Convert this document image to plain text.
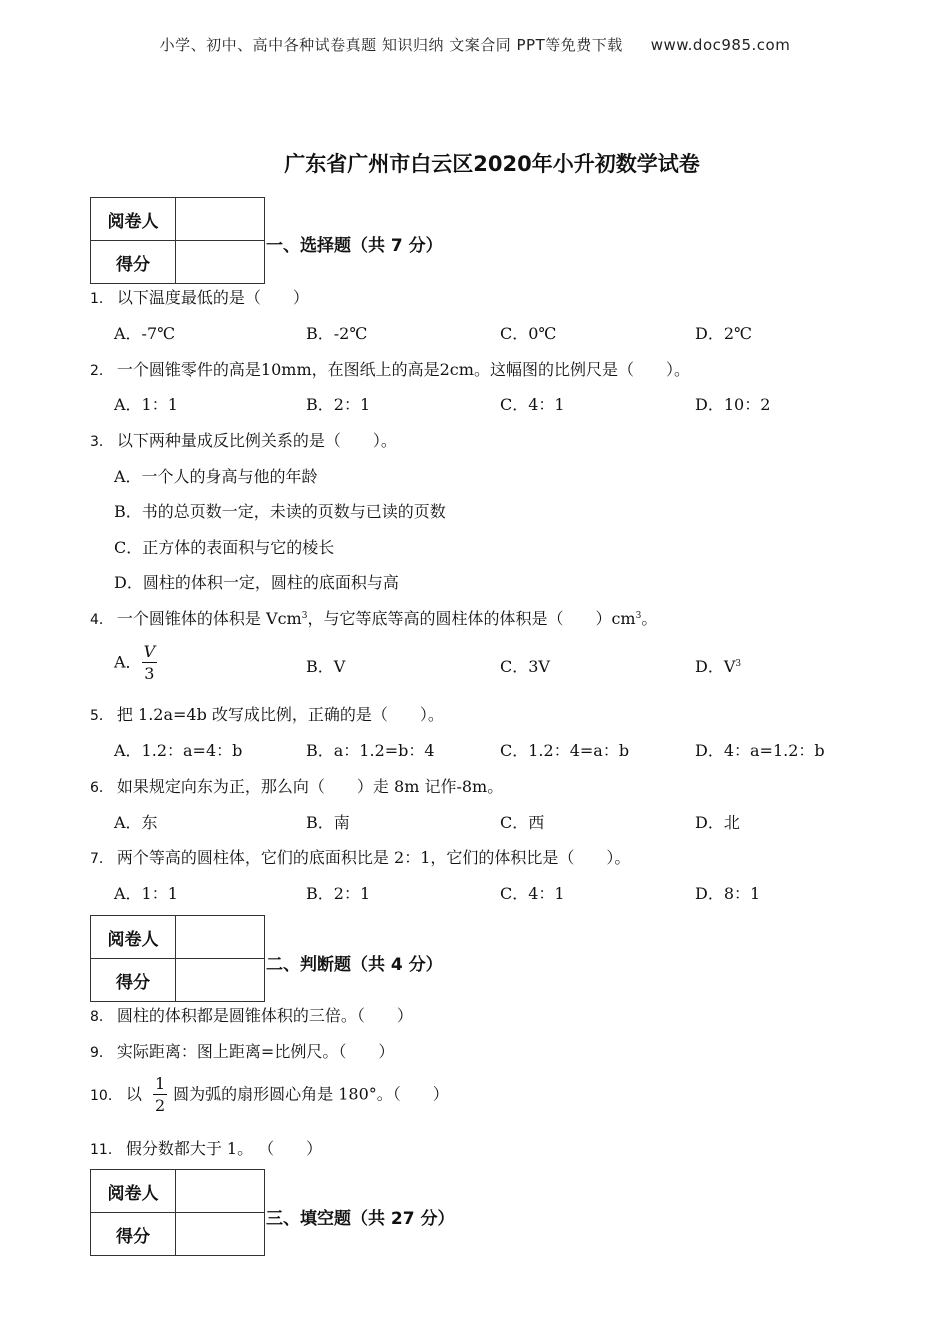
小学、初中、高中各种试卷真题 知识归纳 文案合同 PPT等免费下载 www.doc985.com
广东省广州市白云区2020年小升初数学试卷
阅卷人	
得分	
一、选择题（共 7 分）
1． 以下温度最低的是（　　）
A．-7℃	B．-2℃	C．0℃	D．2℃
2． 一个圆锥零件的高是10mm，在图纸上的高是2cm。这幅图的比例尺是（　　）。
A．1：1	B．2：1	C．4：1	D．10：2
3． 以下两种量成反比例关系的是（　　）。
A．一个人的身高与他的年龄
B．书的总页数一定，未读的页数与已读的页数
C．正方体的表面积与它的棱长
D．圆柱的体积一定，圆柱的底面积与高
4． 一个圆锥体的体积是 Vcm$^3$，与它等底等高的圆柱体的体积是（　　）$cm^3$。
A． $\frac{V}{3}$	B．V	C．3V	D．$V^3$
5． 把 1.2a=4b 改写成比例，正确的是（　　）。
A．1.2：a=4：b	B．a：1.2=b：4	C．1.2：4=a：b	D．4：a=1.2：b
6． 如果规定向东为正，那么向（　　）走 8m 记作-8m。
A．东	B．南	C．西	D．北
7． 两个等高的圆柱体，它们的底面积比是 2：1，它们的体积比是（　　）。
A．1：1	B．2：1	C．4：1	D．8：1
阅卷人	
得分	
二、判断题（共 4 分）
8． 圆柱的体积都是圆锥体积的三倍。（　　）
9． 实际距离：图上距离=比例尺。（　　）
10． 以 $\frac{1}{2}$ 圆为弧的扇形圆心角是 180°。（　　）
11． 假分数都大于 1。 （　　）
阅卷人	
得分	
三、填空题（共 27 分）
